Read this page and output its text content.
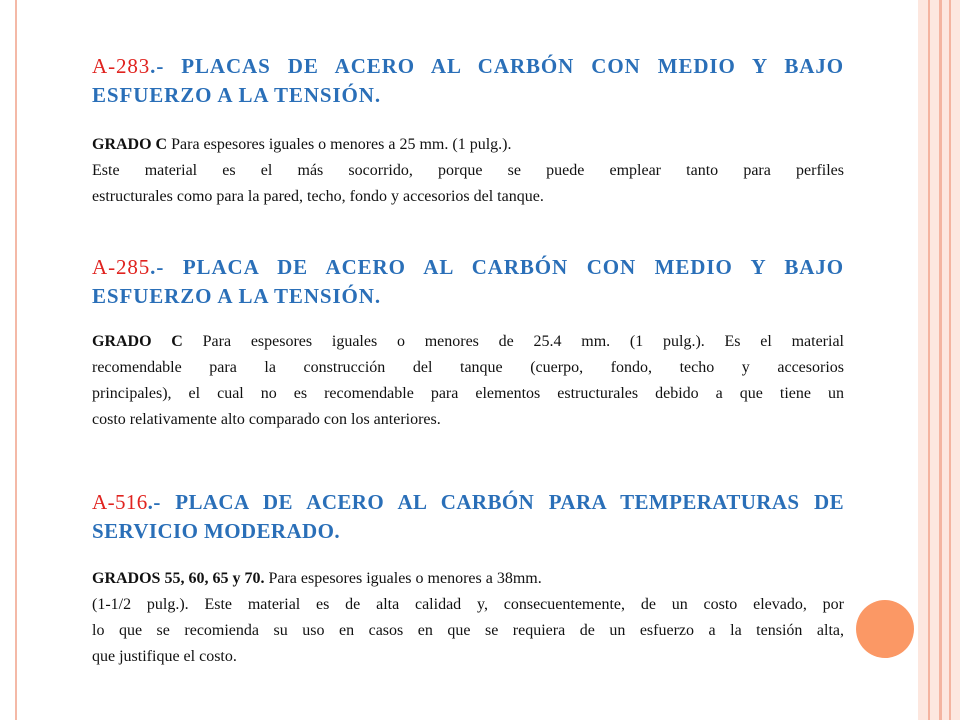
A-283.- PLACAS DE ACERO AL CARBÓN CON MEDIO Y BAJO
ESFUERZO A LA TENSIÓN.
GRADO C Para espesores iguales o menores a 25 mm. (1 pulg.).
Este material es el más socorrido, porque se puede emplear tanto para perfiles
estructurales como para la pared, techo, fondo y accesorios del tanque.
A-285.- PLACA DE ACERO AL CARBÓN CON MEDIO Y BAJO
ESFUERZO A LA TENSIÓN.
GRADO C Para espesores iguales o menores de 25.4 mm. (1 pulg.). Es el material
recomendable para la construcción del tanque (cuerpo, fondo, techo y accesorios
principales), el cual no es recomendable para elementos estructurales debido a que tiene un
costo relativamente alto comparado con los anteriores.
A-516.- PLACA DE ACERO AL CARBÓN PARA TEMPERATURAS DE
SERVICIO MODERADO.
GRADOS 55, 60, 65 y 70. Para espesores iguales o menores a 38mm.
(1-1/2 pulg.). Este material es de alta calidad y, consecuentemente, de un costo elevado, por
lo que se recomienda su uso en casos en que se requiera de un esfuerzo a la tensión alta,
que justifique el costo.
